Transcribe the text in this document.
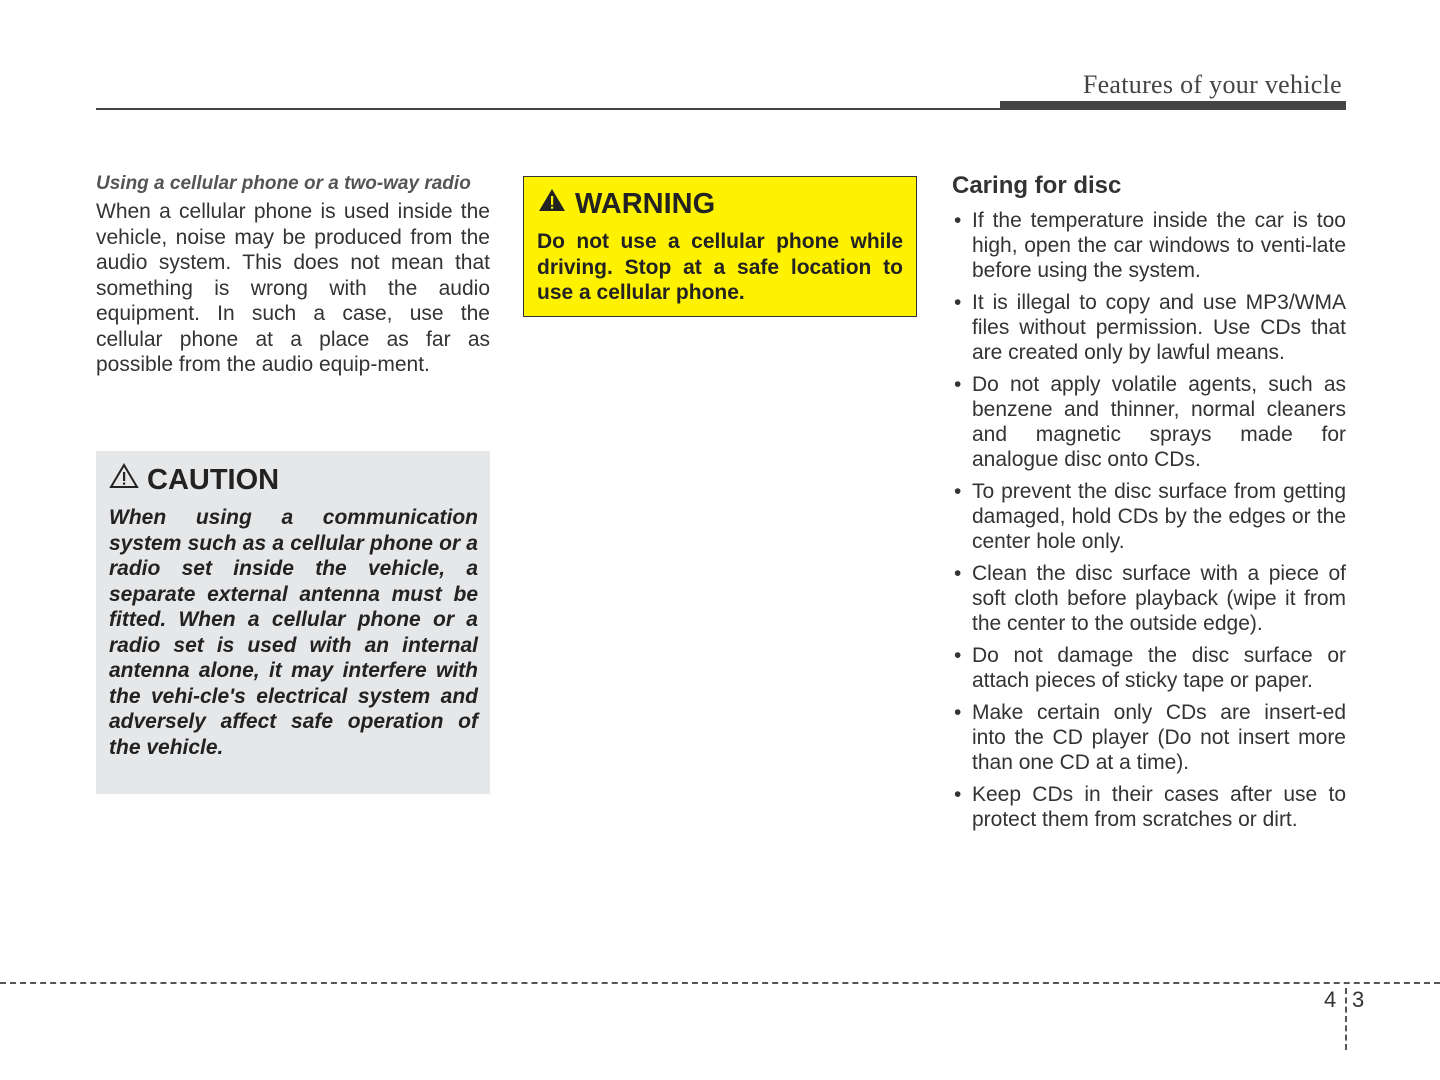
Features of your vehicle

Using a cellular phone or a two-way radio

When a cellular phone is used inside the vehicle, noise may be produced from the audio system. This does not mean that something is wrong with the audio equipment. In such a case, use the cellular phone at a place as far as possible from the audio equip-ment.

CAUTION

When using a communication system such as a cellular phone or a radio set inside the vehicle, a separate external antenna must be fitted. When a cellular phone or a radio set is used with an internal antenna alone, it may interfere with the vehi-cle's electrical system and adversely affect safe operation of the vehicle.

WARNING

Do not use a cellular phone while driving. Stop at a safe location to use a cellular phone.

Caring for disc
• If the temperature inside the car is too high, open the car windows to venti-late before using the system.
• It is illegal to copy and use MP3/WMA files without permission. Use CDs that are created only by lawful means.
• Do not apply volatile agents, such as benzene and thinner, normal cleaners and magnetic sprays made for analogue disc onto CDs.
• To prevent the disc surface from getting damaged, hold CDs by the edges or the center hole only.
• Clean the disc surface with a piece of soft cloth before playback (wipe it from the center to the outside edge).
• Do not damage the disc surface or attach pieces of sticky tape or paper.
• Make certain only CDs are insert-ed into the CD player (Do not insert more than one CD at a time).
• Keep CDs in their cases after use to protect them from scratches or dirt.
4 3
